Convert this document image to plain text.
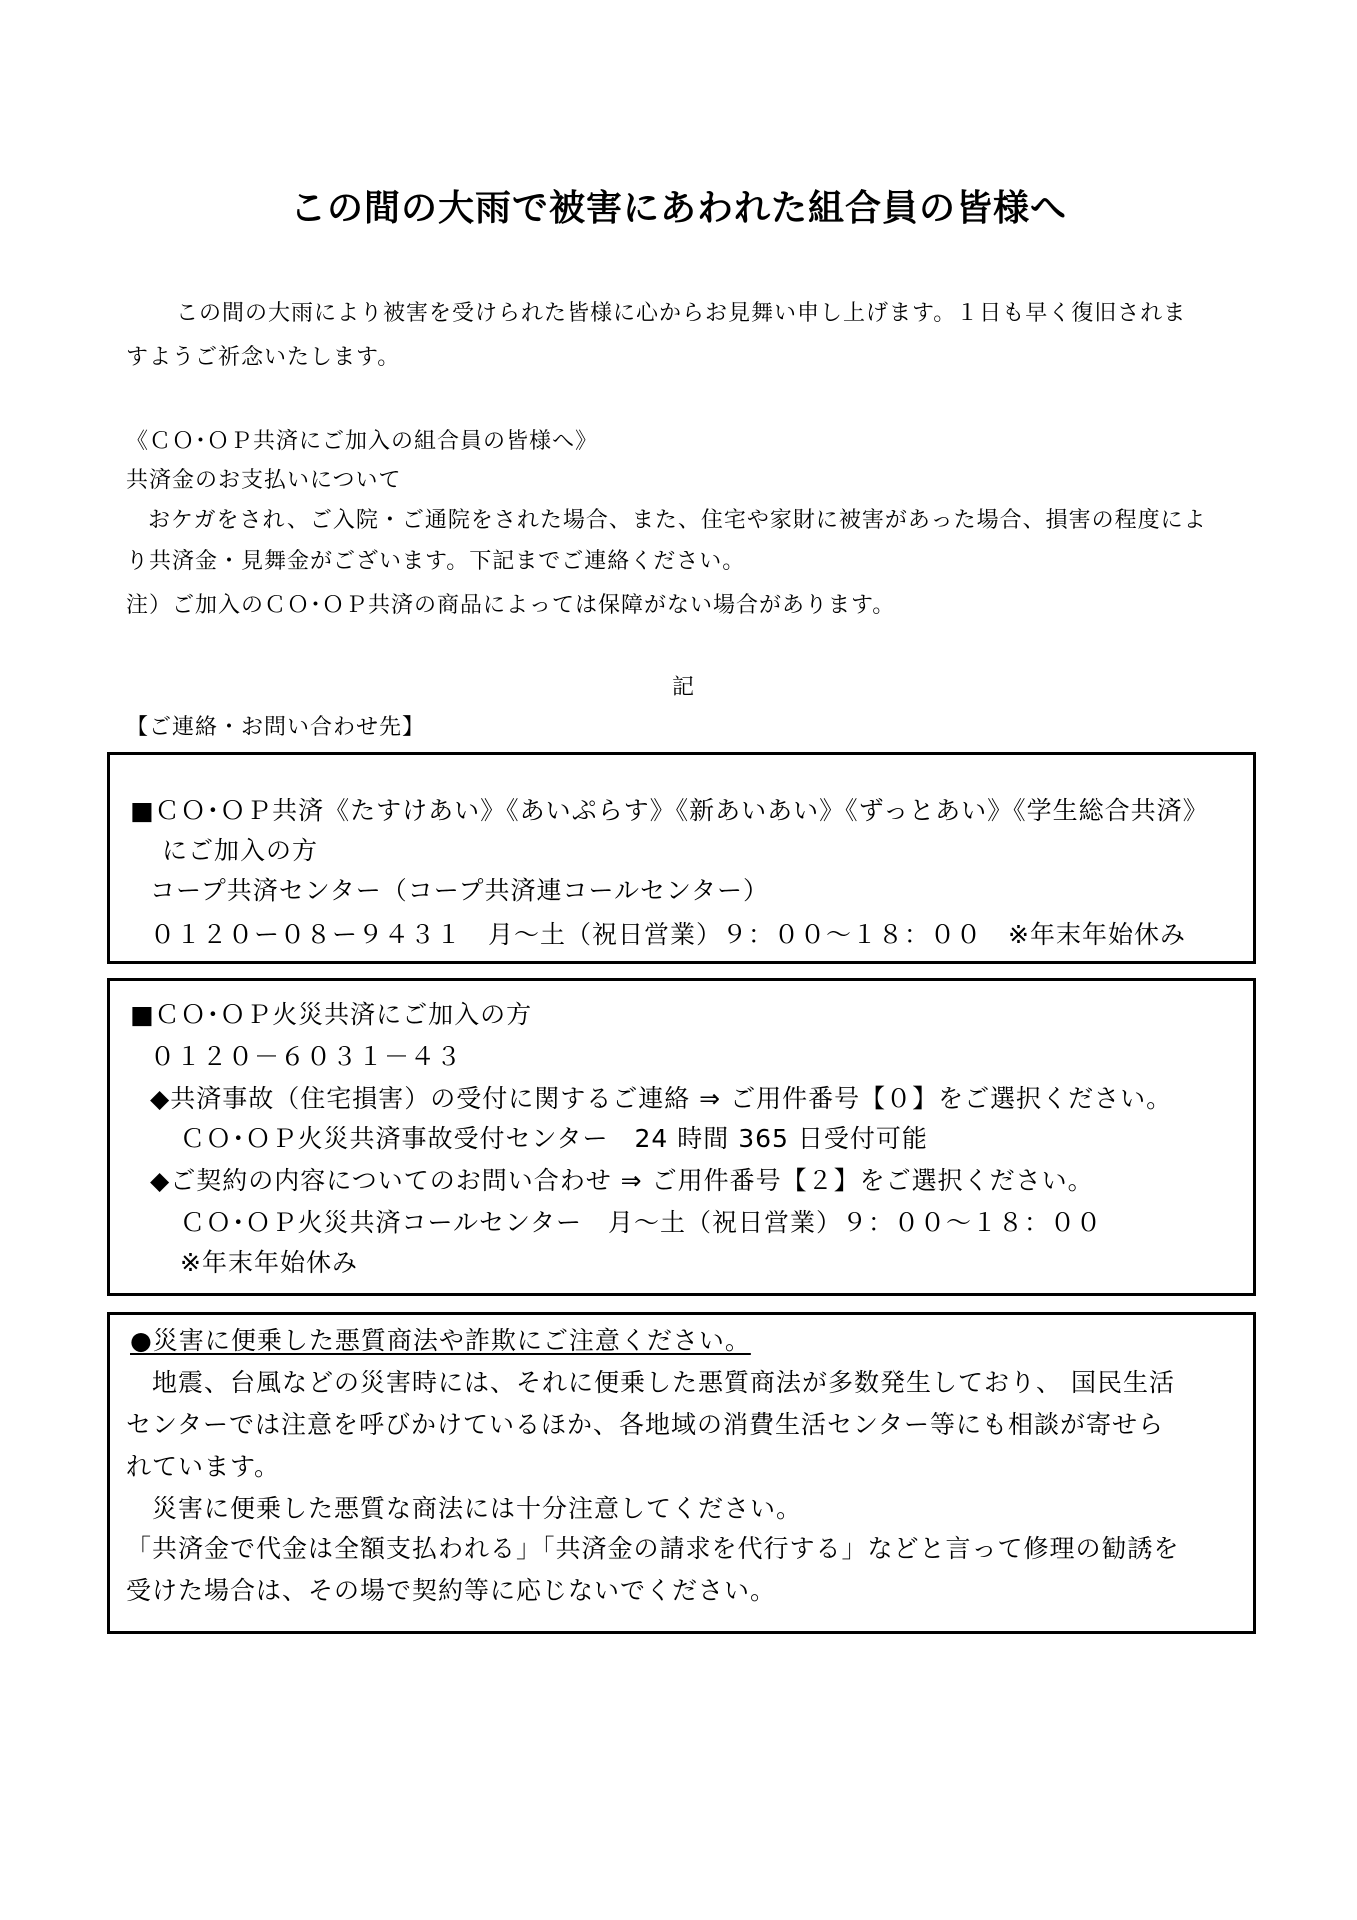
この間の大雨で被害にあわれた組合員の皆様へ
この間の大雨により被害を受けられた皆様に心からお見舞い申し上げます。１日も早く復旧されま
すようご祈念いたします。
《ＣＯ･ＯＰ共済にご加入の組合員の皆様へ》
共済金のお支払いについて
おケガをされ、ご入院・ご通院をされた場合、また、住宅や家財に被害があった場合、損害の程度によ
り共済金・見舞金がございます。下記までご連絡ください。
注）ご加入のＣＯ･ＯＰ共済の商品によっては保障がない場合があります。
記
【ご連絡・お問い合わせ先】
■ＣＯ･ＯＰ共済《たすけあい》《あいぷらす》《新あいあい》《ずっとあい》《学生総合共済》
にご加入の方
コープ共済センター（コープ共済連コールセンター）
０１２０ー０８ー９４３１　月～土（祝日営業）９：００～１８：００　※年末年始休み
■ＣＯ･ＯＰ火災共済にご加入の方
０１２０－６０３１－４３
◆共済事故（住宅損害）の受付に関するご連絡 ⇒ ご用件番号【０】をご選択ください。
ＣＯ･ＯＰ火災共済事故受付センター　24 時間 365 日受付可能
◆ご契約の内容についてのお問い合わせ ⇒ ご用件番号【２】をご選択ください。
ＣＯ･ＯＰ火災共済コールセンター　月～土（祝日営業）９：００～１８：００
※年末年始休み
●災害に便乗した悪質商法や詐欺にご注意ください。
地震、台風などの災害時には、それに便乗した悪質商法が多数発生しており、 国民生活
センターでは注意を呼びかけているほか、各地域の消費生活センター等にも相談が寄せら
れています。
災害に便乗した悪質な商法には十分注意してください。
「共済金で代金は全額支払われる」「共済金の請求を代行する」などと言って修理の勧誘を
受けた場合は、その場で契約等に応じないでください。
